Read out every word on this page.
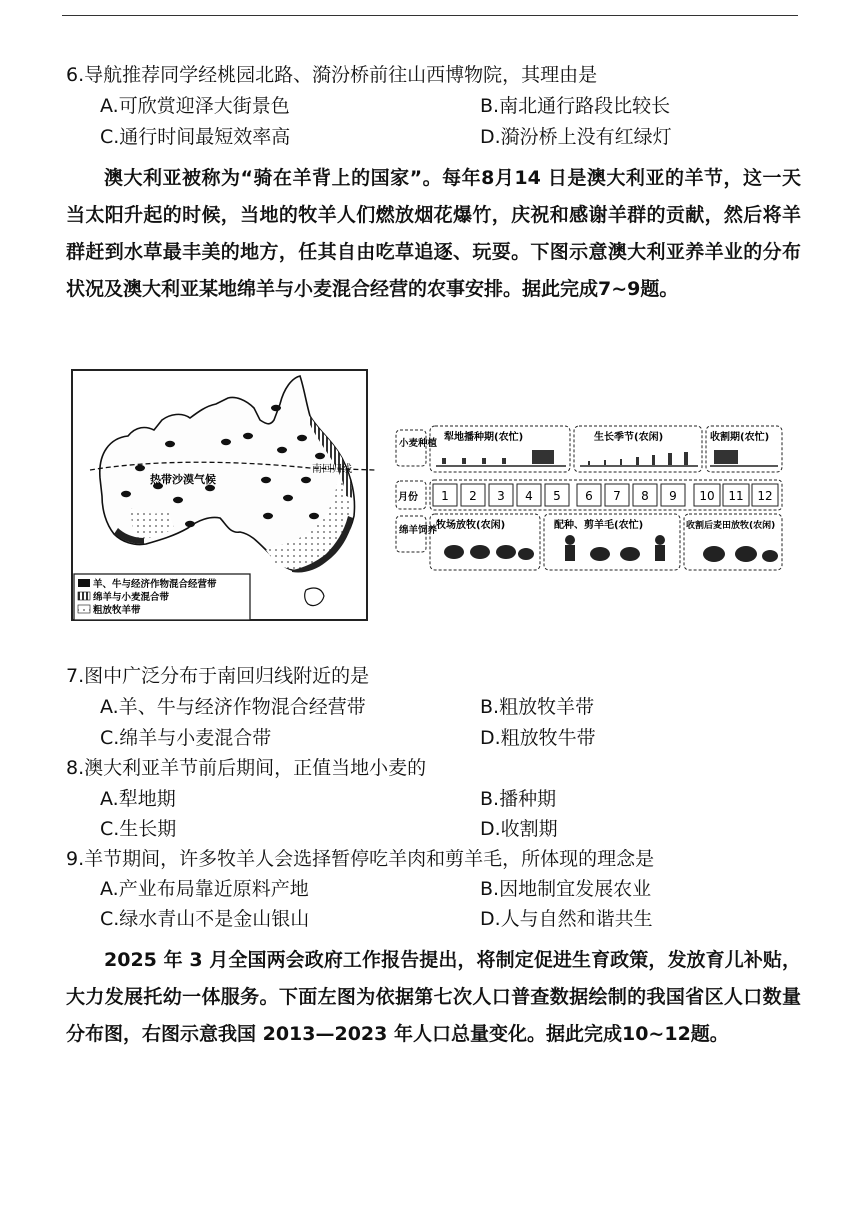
6.导航推荐同学经桃园北路、漪汾桥前往山西博物院，其理由是
A.可欣赏迎泽大街景色	B.南北通行路段比较长
C.通行时间最短效率高	D.漪汾桥上没有红绿灯

澳大利亚被称为“骑在羊背上的国家”。每年8月14 日是澳大利亚的羊节，这一天当太阳升起的时候，当地的牧羊人们燃放烟花爆竹，庆祝和感谢羊群的贡献，然后将羊群赶到水草最丰美的地方，任其自由吃草追逐、玩耍。下图示意澳大利亚养羊业的分布状况及澳大利亚某地绵羊与小麦混合经营的农事安排。据此完成7~9题。

热带沙漠气候
南回归线
羊、牛与经济作物混合经营带
绵羊与小麦混合带
粗放牧羊带
小麦种植
月份
绵羊饲养
犁地播种期(农忙)	生长季节(农闲)	收割期(农忙)
1 2 3 4 5 6 7 8 9 10 11 12
牧场放牧(农闲)	配种、剪羊毛(农忙)	收割后麦田放牧(农闲)
7.图中广泛分布于南回归线附近的是
A.羊、牛与经济作物混合经营带	B.粗放牧羊带
C.绵羊与小麦混合带	D.粗放牧牛带
8.澳大利亚羊节前后期间，正值当地小麦的
A.犁地期	B.播种期
C.生长期	D.收割期
9.羊节期间，许多牧羊人会选择暂停吃羊肉和剪羊毛，所体现的理念是
A.产业布局靠近原料产地	B.因地制宜发展农业
C.绿水青山不是金山银山	D.人与自然和谐共生

2025 年 3 月全国两会政府工作报告提出，将制定促进生育政策，发放育儿补贴，大力发展托幼一体服务。下面左图为依据第七次人口普查数据绘制的我国省区人口数量分布图，右图示意我国 2013—2023 年人口总量变化。据此完成10~12题。
